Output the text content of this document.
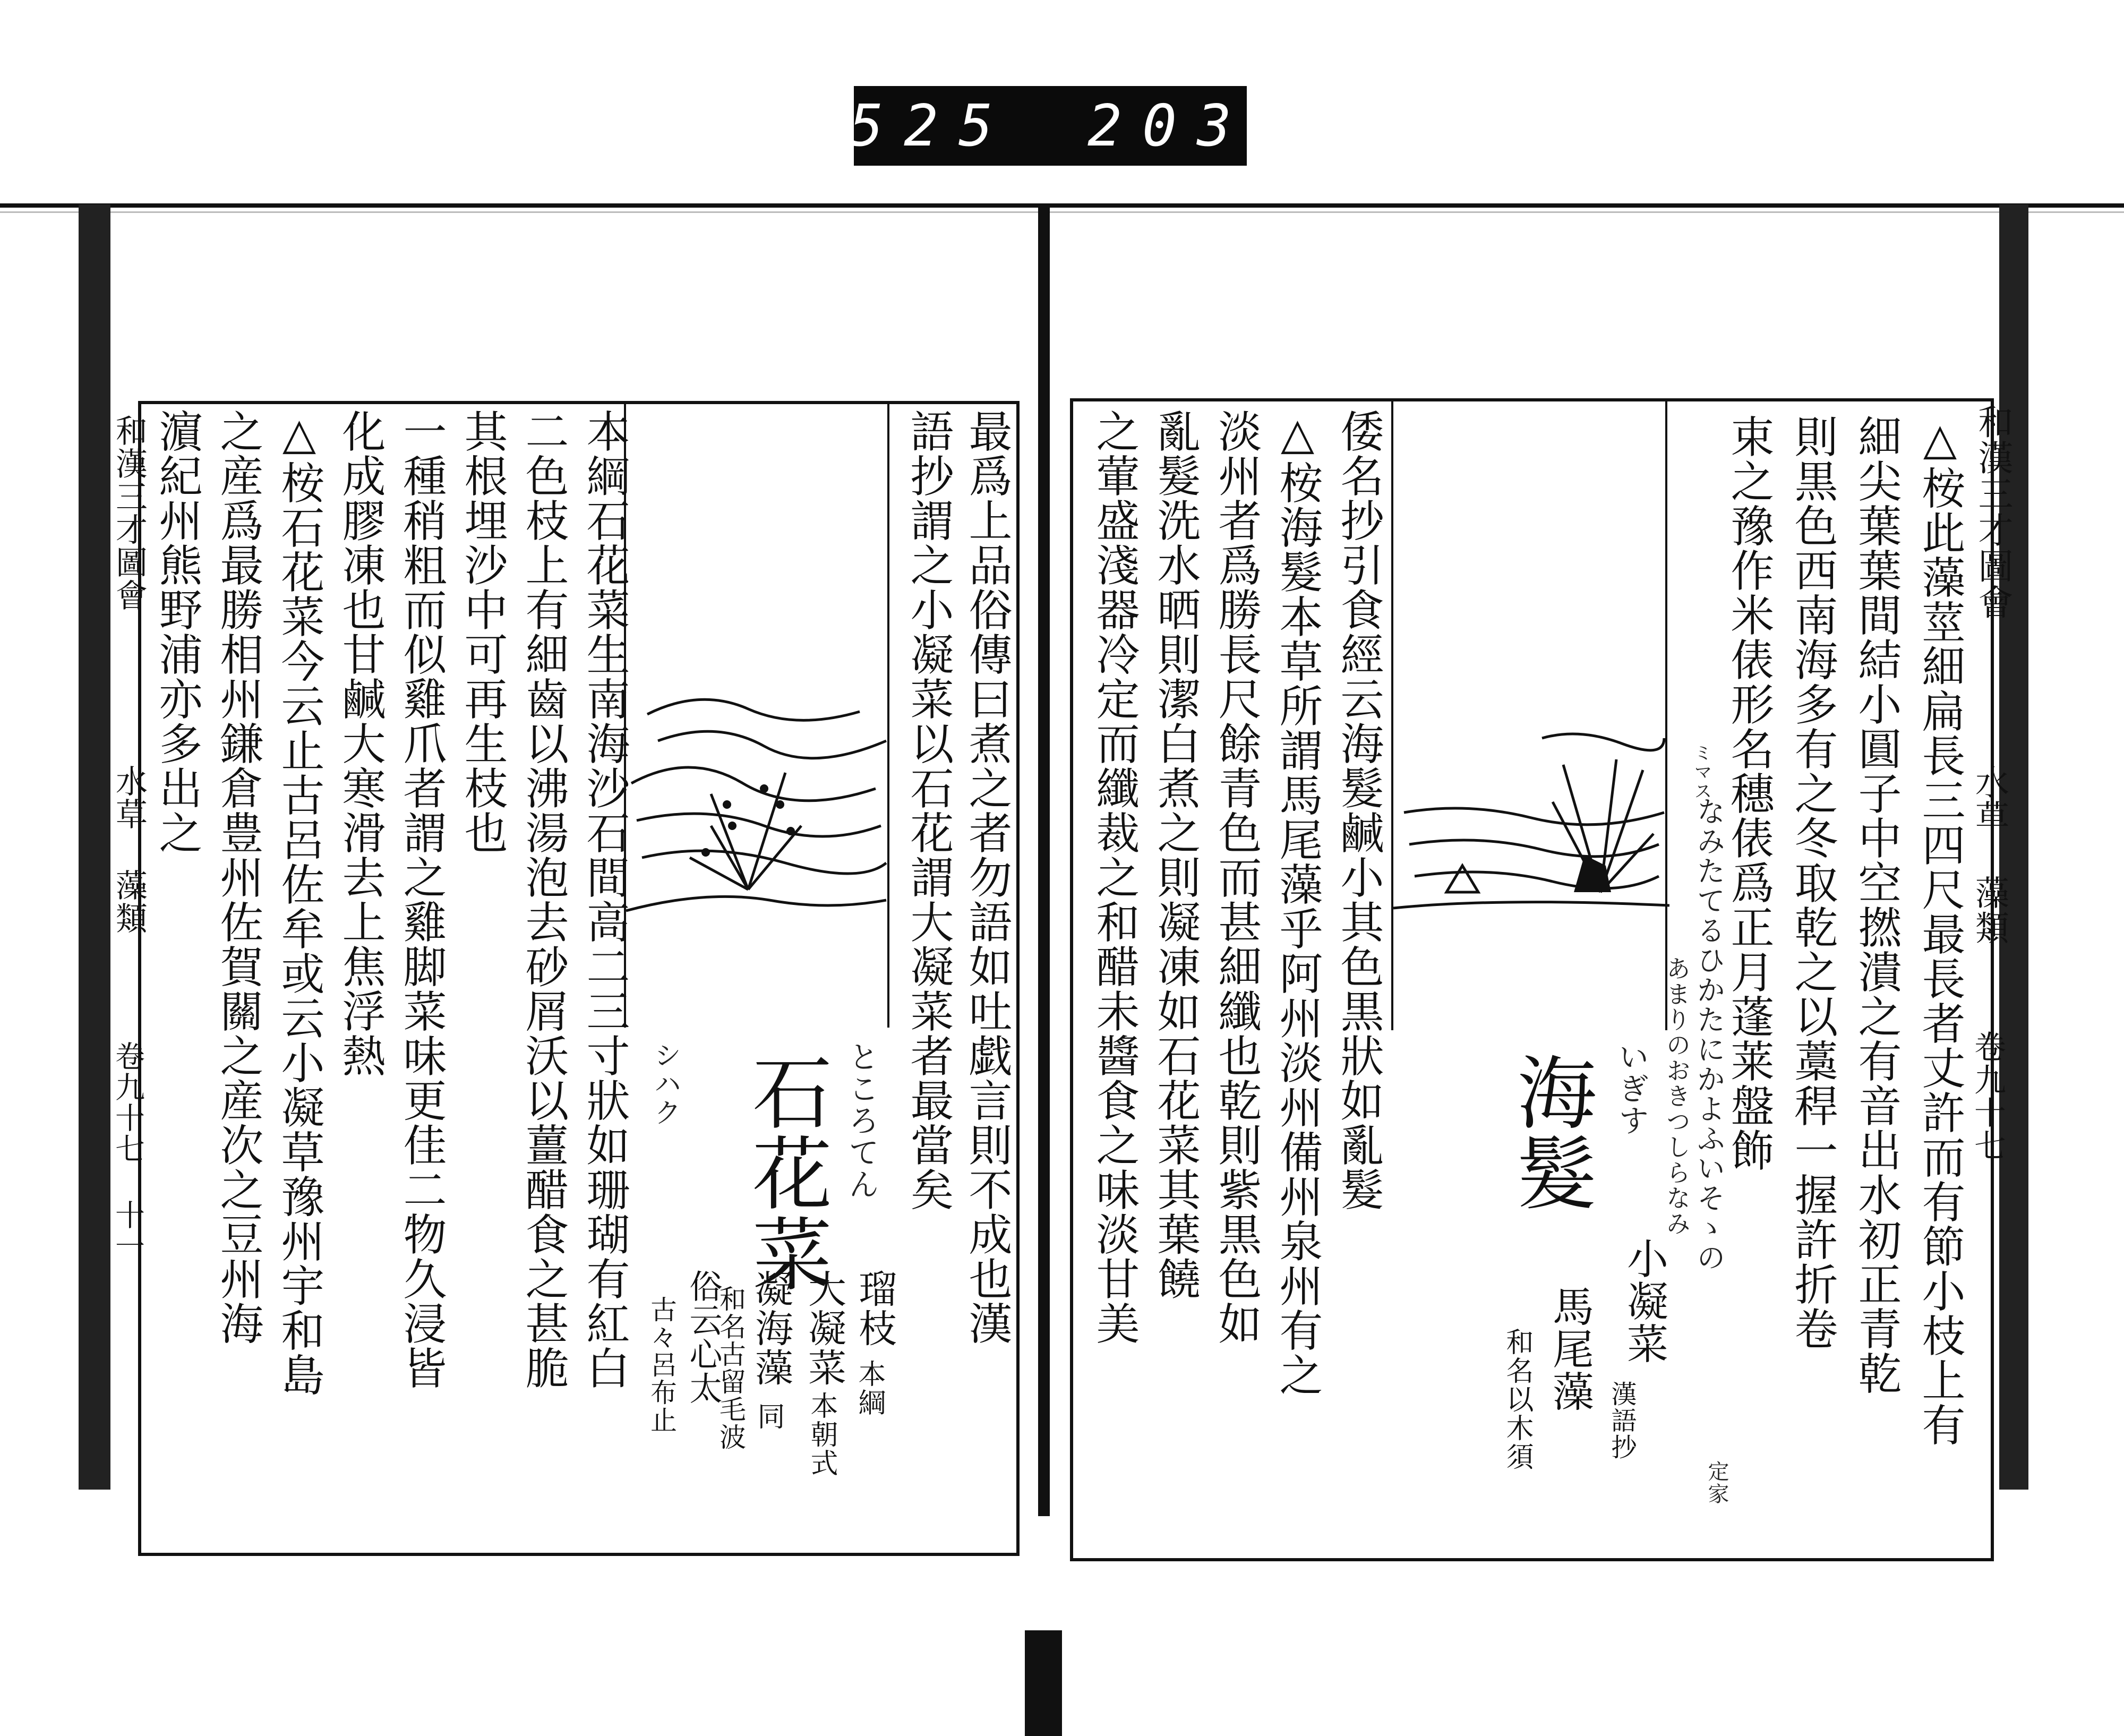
525 203
和漢三才圖會
水草 藻類
卷九十七
△桉此藻莖細扁長三四尺最長者丈許而有節小枝上有
細尖葉葉間結小圓子中空撚潰之有音出水初正青乾
則黒色西南海多有之冬取乾之以藁稈一握許折卷
束之豫作米俵形名穗俵爲正月蓬莱盤飾
なみたてるひかたにかよふいそゝの
あまりのおきつしらなみ
定家
ミマス
海髮 いぎす
小凝菜
漢語抄
馬尾藻
和名以木須
倭名抄引食經云海髮鹹小其色黒狀如亂髮
△桉海髮本草所謂馬尾藻乎阿州淡州備州泉州有之
淡州者爲勝長尺餘青色而甚細纖也乾則紫黒色如
亂髮洗水晒則潔白煮之則凝凍如石花菜其葉饒
之葷盛淺器冷定而纖裁之和醋未醬食之味淡甘美
最爲上品俗傳曰煮之者勿語如吐戯言則不成也漢
語抄謂之小凝菜以石花謂大凝菜者最當矣
石花菜 ところてん
シハク
瑠枝
本綱
大凝菜
本朝式
凝海藻
同
和名古留毛波
俗云心太
古々呂布止
本綱石花菜生南海沙石間高二三寸狀如珊瑚有紅白
二色枝上有細齒以沸湯泡去砂屑沃以薑醋食之甚脆
其根埋沙中可再生枝也
一種稍粗而似雞爪者謂之雞脚菜味更佳二物久浸皆
化成膠凍也甘鹹大寒滑去上焦浮熱
△桉石花菜今云止古呂佐牟或云小凝草豫州宇和島
之産爲最勝相州鎌倉豊州佐賀關之産次之豆州海
濵紀州熊野浦亦多出之
和漢三才圖會
水草 藻類
卷九十七 十一
